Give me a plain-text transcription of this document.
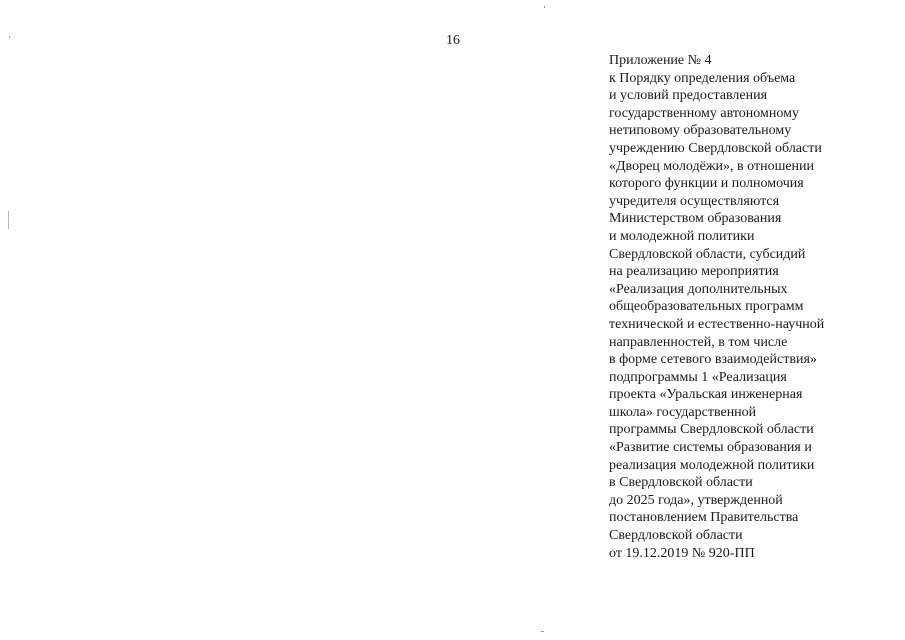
16
Приложение № 4
к Порядку определения объема
и условий предоставления
государственному автономному
нетиповому образовательному
учреждению Свердловской области
«Дворец молодёжи», в отношении
которого функции и полномочия
учредителя осуществляются
Министерством образования
и молодежной политики
Свердловской области, субсидий
на реализацию мероприятия
«Реализация дополнительных
общеобразовательных программ
технической и естественно-научной
направленностей, в том числе
в форме сетевого взаимодействия»
подпрограммы 1 «Реализация
проекта «Уральская инженерная
школа» государственной
программы Свердловской области
«Развитие системы образования и
реализация молодежной политики
в Свердловской области
до 2025 года», утвержденной
постановлением Правительства
Свердловской области
от 19.12.2019 № 920-ПП
